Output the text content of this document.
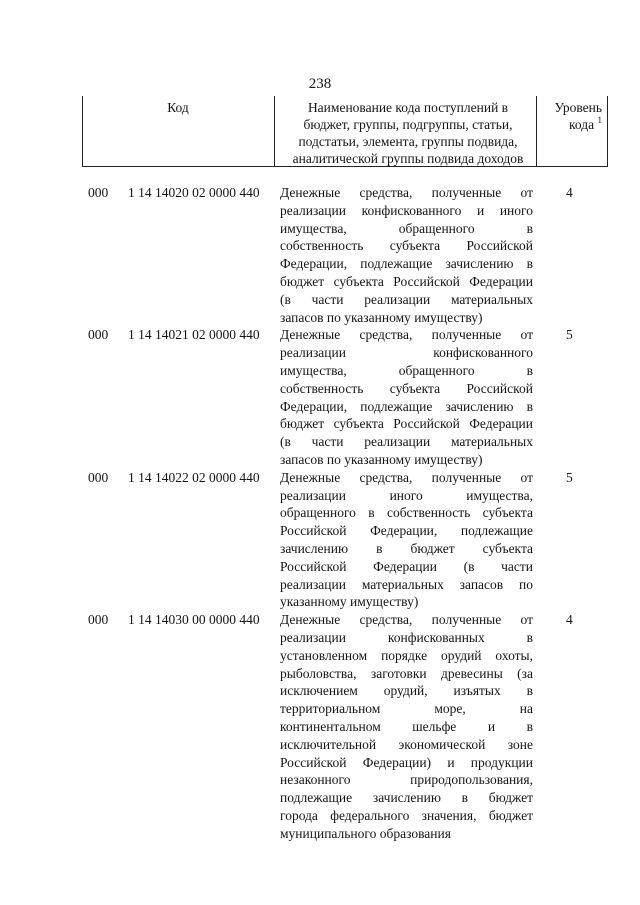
238
Код	Наименование кода поступлений в
бюджет, группы, подгруппы, статьи,
подстатьи, элемента, группы подвида,
аналитической группы подвида доходов
Уровень
кода $^1$
000 1 14 14020 02 0000 440 Денежные средства, полученные от
реализации конфискованного и иного
имущества, обращенного в
собственность субъекта Российской
Федерации, подлежащие зачислению в
бюджет субъекта Российской Федерации
(в части реализации материальных
запасов по указанному имуществу)
4
000 1 14 14021 02 0000 440 Денежные средства, полученные от
реализации конфискованного
имущества, обращенного в
собственность субъекта Российской
Федерации, подлежащие зачислению в
бюджет субъекта Российской Федерации
(в части реализации материальных
запасов по указанному имуществу)
5
000 1 14 14022 02 0000 440 Денежные средства, полученные от
реализации иного имущества,
обращенного в собственность субъекта
Российской Федерации, подлежащие
зачислению в бюджет субъекта
Российской Федерации (в части
реализации материальных запасов по
указанному имуществу)
5
000 1 14 14030 00 0000 440 Денежные средства, полученные от
реализации конфискованных в
установленном порядке орудий охоты,
рыболовства, заготовки древесины (за
исключением орудий, изъятых в
территориальном море, на
континентальном шельфе и в
исключительной экономической зоне
Российской Федерации) и продукции
незаконного природопользования,
подлежащие зачислению в бюджет
города федерального значения, бюджет
муниципального образования
4
